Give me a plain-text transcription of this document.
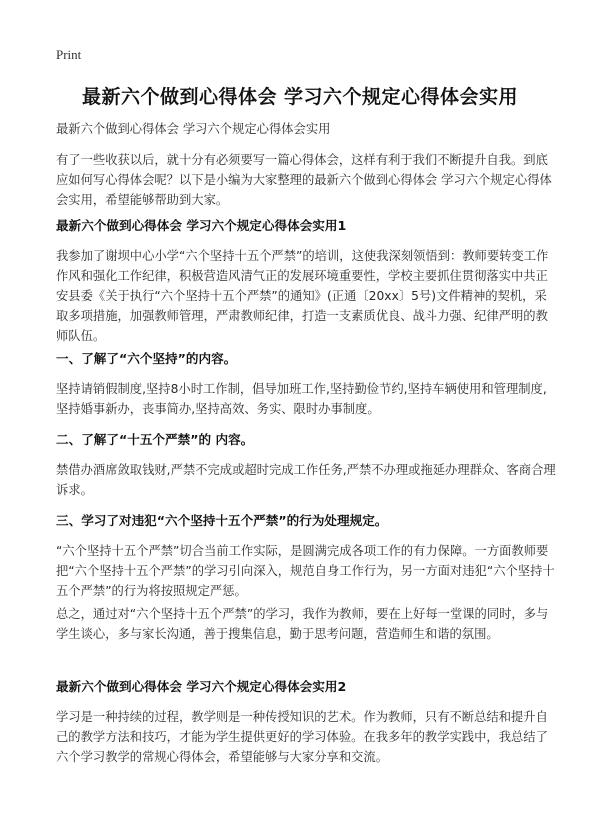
Print
最新六个做到心得体会 学习六个规定心得体会实用

最新六个做到心得体会 学习六个规定心得体会实用

有了一些收获以后，就十分有必须要写一篇心得体会，这样有利于我们不断提升自我。到底应如何写心得体会呢？以下是小编为大家整理的最新六个做到心得体会 学习六个规定心得体会实用，希望能够帮助到大家。

最新六个做到心得体会 学习六个规定心得体会实用1

我参加了谢坝中心小学“六个坚持十五个严禁”的培训，这使我深刻领悟到：教师要转变工作作风和强化工作纪律，积极营造风清气正的发展环境重要性，学校主要抓住贯彻落实中共正安县委《关于执行“六个坚持十五个严禁”的通知》(正通〔20xx〕5号)文件精神的契机，采取多项措施，加强教师管理，严肃教师纪律，打造一支素质优良、战斗力强、纪律严明的教师队伍。

一、了解了“六个坚持”的内容。

坚持请销假制度,坚持8小时工作制，倡导加班工作,坚持勤俭节约,坚持车辆使用和管理制度,坚持婚事新办，丧事简办,坚持高效、务实、限时办事制度。

二、了解了“十五个严禁”的 内容。

禁借办酒席敛取钱财,严禁不完成或超时完成工作任务,严禁不办理或拖延办理群众、客商合理诉求。

三、学习了对违犯“六个坚持十五个严禁”的行为处理规定。

“六个坚持十五个严禁”切合当前工作实际，是圆满完成各项工作的有力保障。一方面教师要把“六个坚持十五个严禁”的学习引向深入，规范自身工作行为，另一方面对违犯“六个坚持十五个严禁”的行为将按照规定严惩。

总之，通过对“六个坚持十五个严禁”的学习，我作为教师，要在上好每一堂课的同时，多与学生谈心，多与家长沟通，善于搜集信息，勤于思考问题，营造师生和谐的氛围。

最新六个做到心得体会 学习六个规定心得体会实用2

学习是一种持续的过程，教学则是一种传授知识的艺术。作为教师，只有不断总结和提升自己的教学方法和技巧，才能为学生提供更好的学习体验。在我多年的教学实践中，我总结了六个学习教学的常规心得体会，希望能够与大家分享和交流。
